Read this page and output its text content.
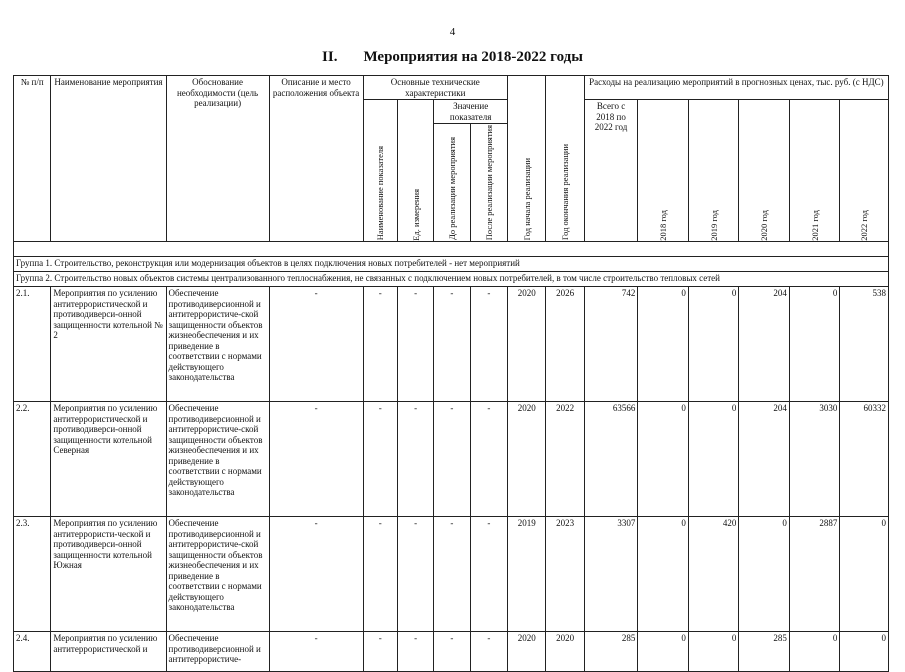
4
II. Мероприятия на 2018-2022 годы
№ п/п	Наименование мероприятия	Обоснование необходимости (цель реализации)	Описание и место расположения объекта	Основные технические характеристики				Год начала реализации	Год окончания реализации	Расходы на реализацию мероприятий в прогнозных ценах, тыс. руб. (с НДС)					

				Наименование показателя	Ед. измерения	Значение показателя				Всего с 2018 по 2022 год	2018 год	2019 год	2020 год	2021 год	2022 год

						До реализации мероприятия	После реализации мероприятия								

Группа 1. Строительство, реконструкция или модернизация объектов в целях подключения новых потребителей - нет мероприятий															
Группа 2. Строительство новых объектов системы централизованного теплоснабжения, не связанных с подключением новых потребителей, в том числе строительство тепловых сетей															
2.1.	Мероприятия по усилению антитеррористической и противодиверси-онной защищенности котельной № 2	Обеспечение противодиверсионной и антитеррористиче-ской защищенности объектов жизнеобеспечения и их приведение в соответствии с нормами действующего законодательства	-	-	-	-	-	2020	2026	742	0	0	204	0	538
2.2.	Мероприятия по усилению антитеррористической и противодиверси-онной защищенности котельной Северная	Обеспечение противодиверсионной и антитеррористиче-ской защищенности объектов жизнеобеспечения и их приведение в соответствии с нормами действующего законодательства	-	-	-	-	-	2020	2022	63566	0	0	204	3030	60332
2.3.	Мероприятия по усилению антитеррористи-ческой и противодиверси-онной защищенности котельной Южная	Обеспечение противодиверсионной и антитеррористиче-ской защищенности объектов жизнеобеспечения и их приведение в соответствии с нормами действующего законодательства	-	-	-	-	-	2019	2023	3307	0	420	0	2887	0
2.4.	Мероприятия по усилению антитеррористической и	Обеспечение противодиверсионной и антитеррористиче-	-	-	-	-	-	2020	2020	285	0	0	285	0	0
